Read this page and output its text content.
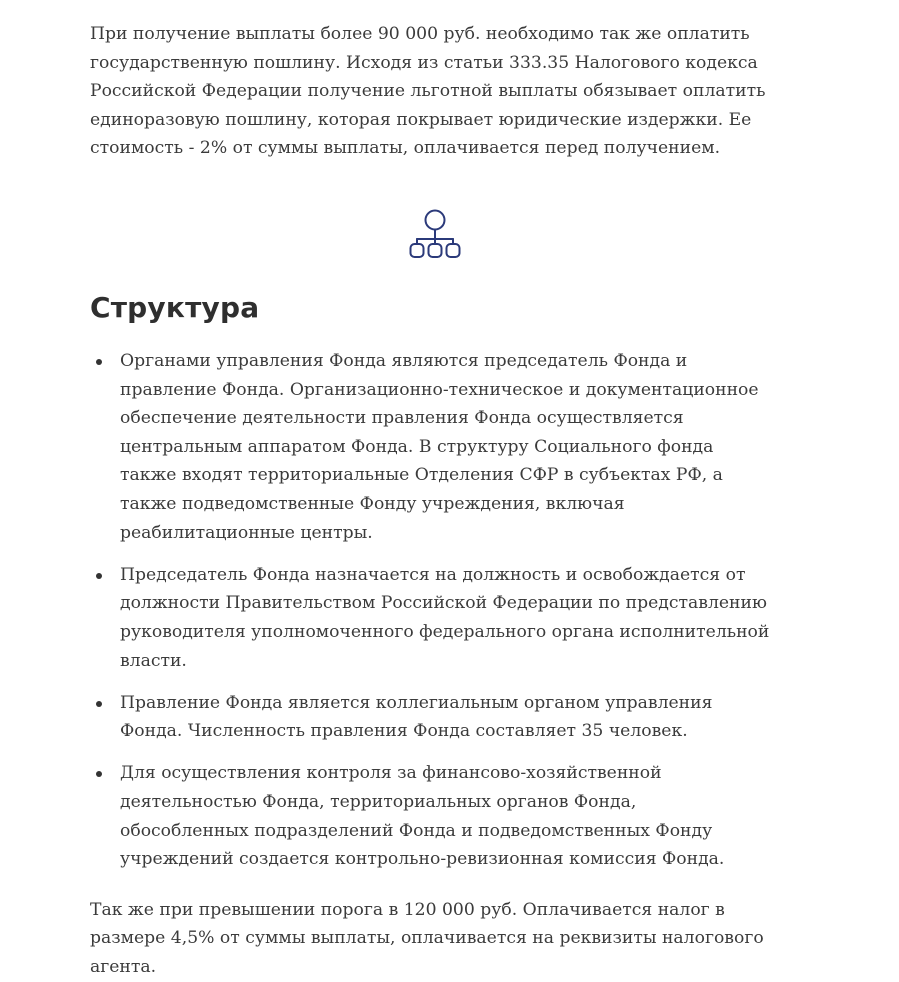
При получение выплаты более 90 000 руб. необходимо так же оплатить государственную пошлину. Исходя из статьи 333.35 Налогового кодекса Российской Федерации получение льготной выплаты обязывает оплатить единоразовую пошлину, которая покрывает юридические издержки. Ее стоимость - 2% от суммы выплаты, оплачивается перед получением.

Структура
Органами управления Фонда являются председатель Фонда и правление Фонда. Организационно-техническое и документационное обеспечение деятельности правления Фонда осуществляется центральным аппаратом Фонда. В структуру Социального фонда также входят территориальные Отделения СФР в субъектах РФ, а также подведомственные Фонду учреждения, включая реабилитационные центры.
Председатель Фонда назначается на должность и освобождается от должности Правительством Российской Федерации по представлению руководителя уполномоченного федерального органа исполнительной власти.
Правление Фонда является коллегиальным органом управления Фонда. Численность правления Фонда составляет 35 человек.
Для осуществления контроля за финансово-хозяйственной деятельностью Фонда, территориальных органов Фонда, обособленных подразделений Фонда и подведомственных Фонду учреждений создается контрольно-ревизионная комиссия Фонда.

Так же при превышении порога в 120 000 руб. Оплачивается налог в размере 4,5% от суммы выплаты, оплачивается на реквизиты налогового агента.
